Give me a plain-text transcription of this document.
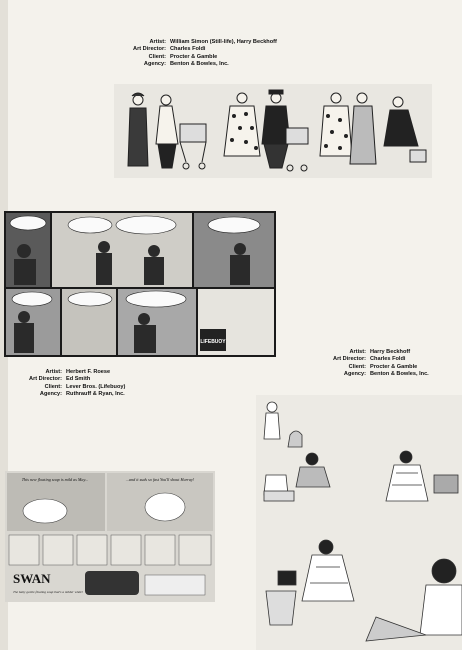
Artist: William Simon (Still-life), Harry Beckhoff
Art Director: Charles Foldi
Client: Procter & Gamble
Agency: Benton & Bowles, Inc.
LIFEBUOY
Artist: Harry Beckhoff
Art Director: Charles Foldi
Client: Procter & Gamble
Agency: Benton & Bowles, Inc.
Artist: Herbert F. Roese
Art Director: Ed Smith
Client: Lever Bros. (Lifebuoy)
Agency: Ruthrauff & Ryan, Inc.
This new floating soap is mild as May...	...and it suds so fast You'll shout Hurray!
SWAN
The baby gentle floating soap that's a milder white!
